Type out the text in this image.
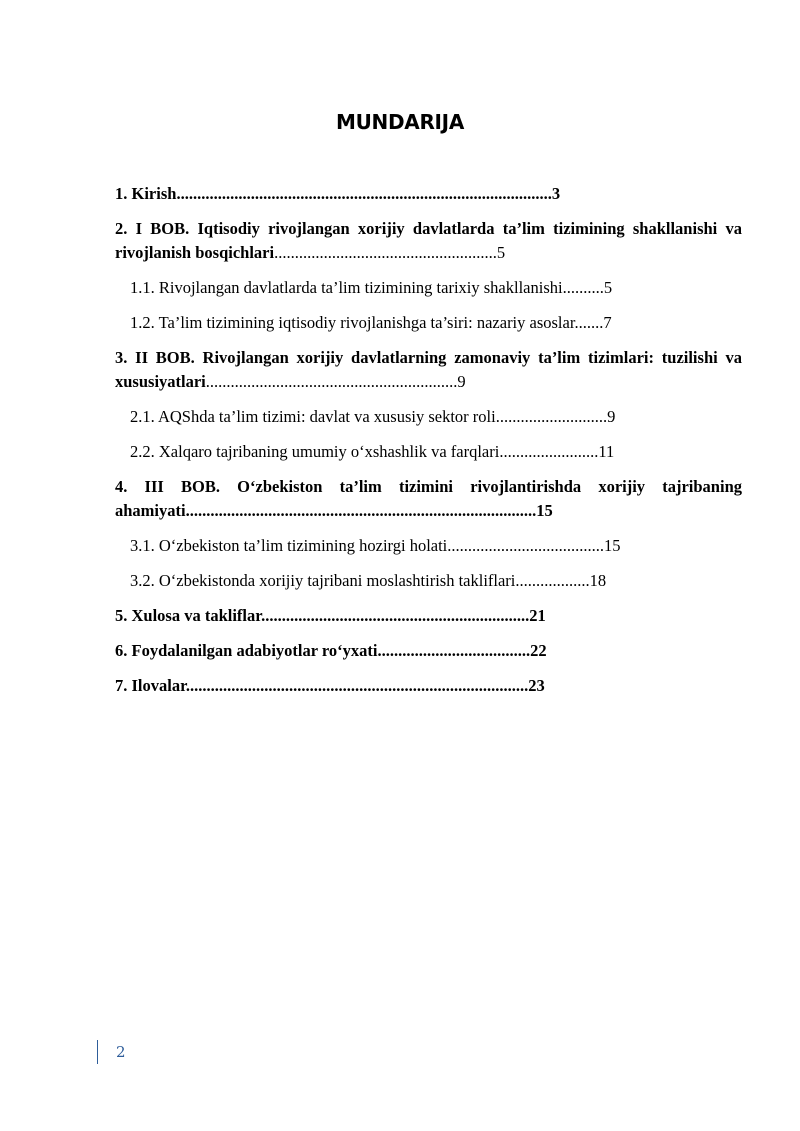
MUNDARIJA
1. Kirish...........................................................................................3
2. I BOB. Iqtisodiy rivojlangan xorijiy davlatlarda ta’lim tizimining shakllanishi va rivojlanish bosqichlari......................................................5
1.1. Rivojlangan davlatlarda ta’lim tizimining tarixiy shakllanishi..........5
1.2. Ta’lim tizimining iqtisodiy rivojlanishga ta’siri: nazariy asoslar.......7
3. II BOB. Rivojlangan xorijiy davlatlarning zamonaviy ta’lim tizimlari: tuzilishi va xususiyatlari.............................................................9
2.1. AQShda ta’lim tizimi: davlat va xususiy sektor roli...........................9
2.2. Xalqaro tajribaning umumiy o‘xshashlik va farqlari........................11
4. III BOB. O‘zbekiston ta’lim tizimini rivojlantirishda xorijiy tajribaning ahamiyati.....................................................................................15
3.1. O‘zbekiston ta’lim tizimining hozirgi holati......................................15
3.2. O‘zbekistonda xorijiy tajribani moslashtirish takliflari..................18
5. Xulosa va takliflar.................................................................21
6. Foydalanilgan adabiyotlar ro‘yxati.....................................22
7. Ilovalar...................................................................................23
2
